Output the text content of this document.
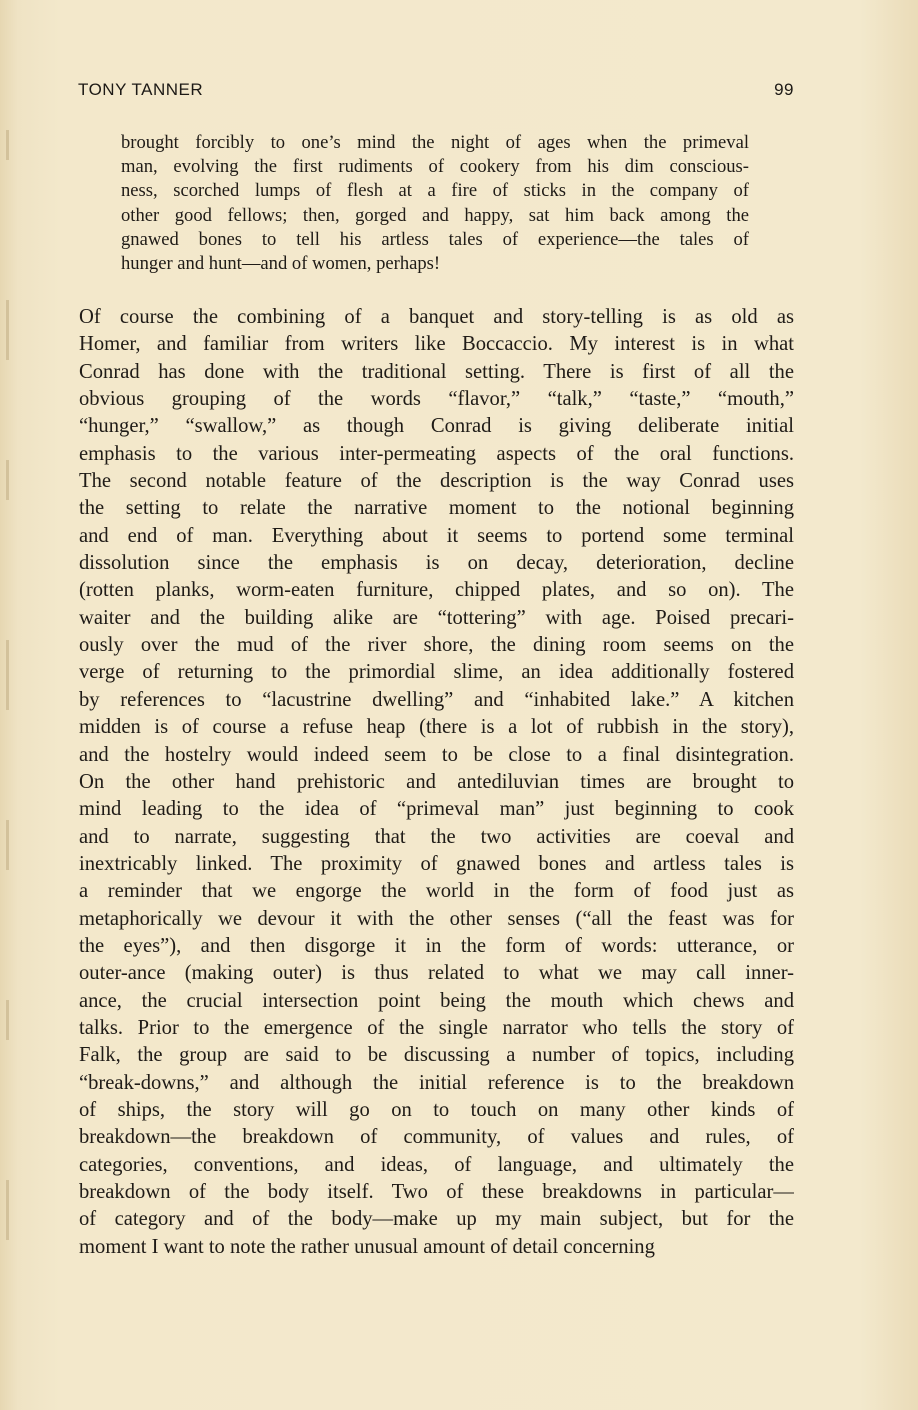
TONY TANNER	99
brought forcibly to one’s mind the night of ages when the primeval
man, evolving the first rudiments of cookery from his dim conscious-
ness, scorched lumps of flesh at a fire of sticks in the company of
other good fellows; then, gorged and happy, sat him back among the
gnawed bones to tell his artless tales of experience—the tales of
hunger and hunt—and of women, perhaps!
Of course the combining of a banquet and story-telling is as old as
Homer, and familiar from writers like Boccaccio. My interest is in what
Conrad has done with the traditional setting. There is first of all the
obvious grouping of the words “flavor,” “talk,” “taste,” “mouth,”
“hunger,” “swallow,” as though Conrad is giving deliberate initial
emphasis to the various inter-permeating aspects of the oral functions.
The second notable feature of the description is the way Conrad uses
the setting to relate the narrative moment to the notional beginning
and end of man. Everything about it seems to portend some terminal
dissolution since the emphasis is on decay, deterioration, decline
(rotten planks, worm-eaten furniture, chipped plates, and so on). The
waiter and the building alike are “tottering” with age. Poised precari-
ously over the mud of the river shore, the dining room seems on the
verge of returning to the primordial slime, an idea additionally fostered
by references to “lacustrine dwelling” and “inhabited lake.” A kitchen
midden is of course a refuse heap (there is a lot of rubbish in the story),
and the hostelry would indeed seem to be close to a final disintegration.
On the other hand prehistoric and antediluvian times are brought to
mind leading to the idea of “primeval man” just beginning to cook
and to narrate, suggesting that the two activities are coeval and
inextricably linked. The proximity of gnawed bones and artless tales is
a reminder that we engorge the world in the form of food just as
metaphorically we devour it with the other senses (“all the feast was for
the eyes”), and then disgorge it in the form of words: utterance, or
outer-ance (making outer) is thus related to what we may call inner-
ance, the crucial intersection point being the mouth which chews and
talks. Prior to the emergence of the single narrator who tells the story of
Falk, the group are said to be discussing a number of topics, including
“break-downs,” and although the initial reference is to the breakdown
of ships, the story will go on to touch on many other kinds of
breakdown—the breakdown of community, of values and rules, of
categories, conventions, and ideas, of language, and ultimately the
breakdown of the body itself. Two of these breakdowns in particular—
of category and of the body—make up my main subject, but for the
moment I want to note the rather unusual amount of detail concerning
